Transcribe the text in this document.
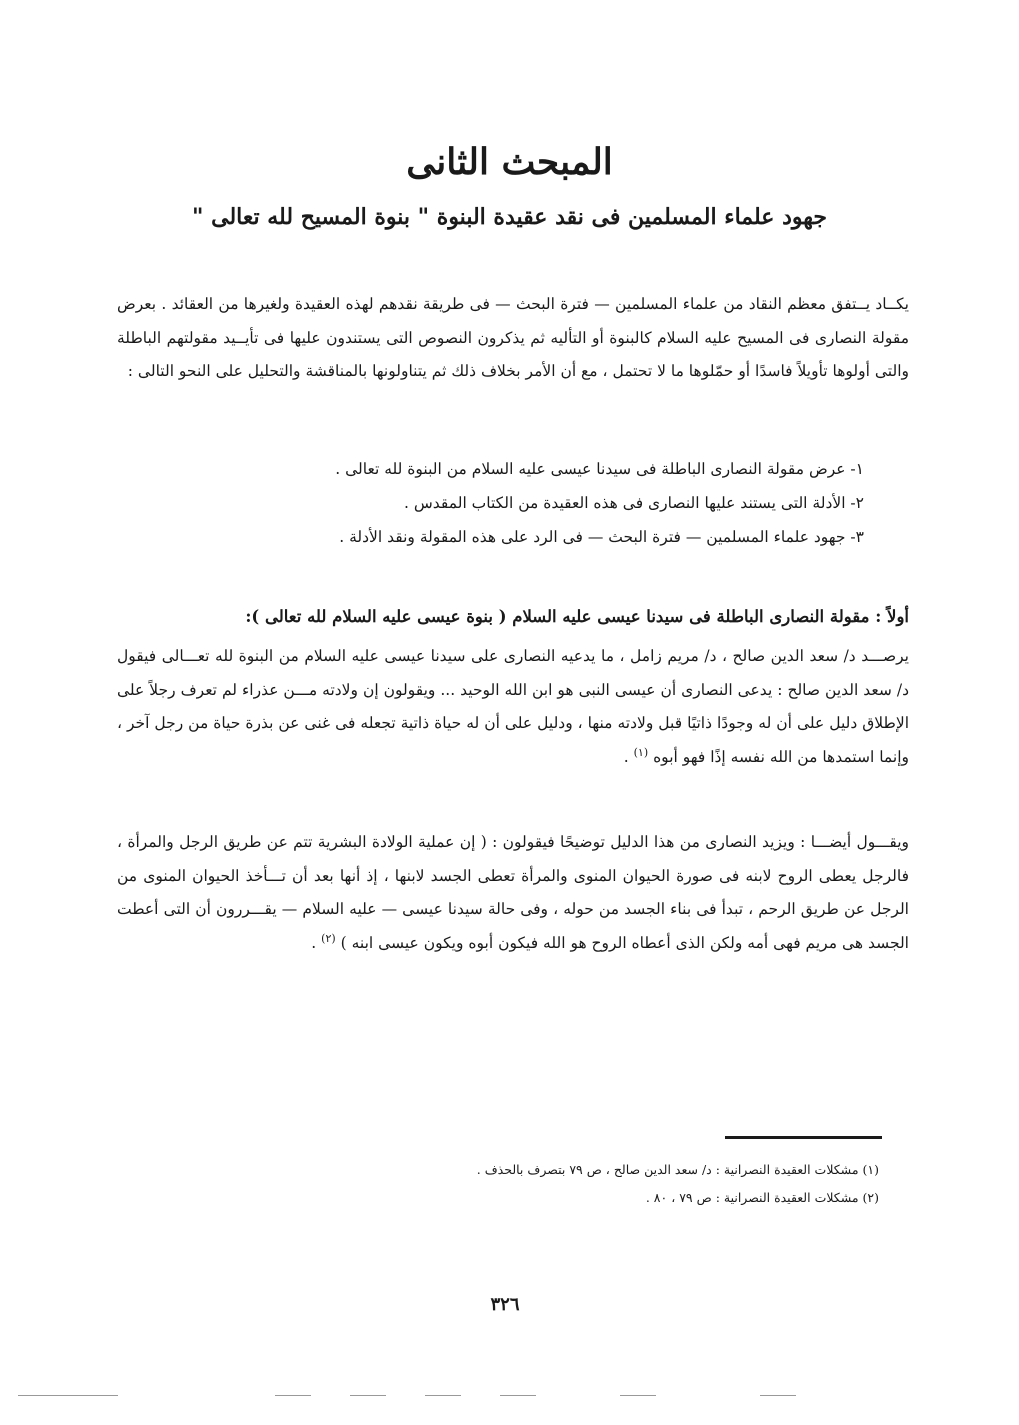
المبحث الثانى
جهود علماء المسلمين فى نقد عقيدة البنوة " بنوة المسيح لله تعالى "
يكــاد يــتفق معظم النقاد من علماء المسلمين — فترة البحث — فى طريقة نقدهم لهذه العقيدة ولغيرها من العقائد . بعرض مقولة النصارى فى المسيح عليه السلام كالبنوة أو التأليه ثم يذكرون النصوص التى يستندون عليها فى تأيــيد مقولتهم الباطلة والتى أولوها تأويلاً فاسدًا أو حمّلوها ما لا تحتمل ، مع أن الأمر بخلاف ذلك ثم يتناولونها بالمناقشة والتحليل على النحو التالى :
١- عرض مقولة النصارى الباطلة فى سيدنا عيسى عليه السلام من البنوة لله تعالى .
٢- الأدلة التى يستند عليها النصارى فى هذه العقيدة من الكتاب المقدس .
٣- جهود علماء المسلمين — فترة البحث — فى الرد على هذه المقولة ونقد الأدلة .
أولاً : مقولة النصارى الباطلة فى سيدنا عيسى عليه السلام ( بنوة عيسى عليه السلام لله تعالى ):
يرصـــد د/ سعد الدين صالح ، د/ مريم زامل ، ما يدعيه النصارى على سيدنا عيسى عليه السلام من البنوة لله تعـــالى فيقول د/ سعد الدين صالح : يدعى النصارى أن عيسى النبى هو ابن الله الوحيد ... ويقولون إن ولادته مـــن عذراء لم تعرف رجلاً على الإطلاق دليل على أن له وجودًا ذاتيًا قبل ولادته منها ، ودليل على أن له حياة ذاتية تجعله فى غنى عن بذرة حياة من رجل آخر ، وإنما استمدها من الله نفسه إذًا فهو أبوه $^{(١)}$ .
ويقـــول أيضـــا : ويزيد النصارى من هذا الدليل توضيحًا فيقولون : ( إن عملية الولادة البشرية تتم عن طريق الرجل والمرأة ، فالرجل يعطى الروح لابنه فى صورة الحيوان المنوى والمرأة تعطى الجسد لابنها ، إذ أنها بعد أن تـــأخذ الحيوان المنوى من الرجل عن طريق الرحم ، تبدأ فى بناء الجسد من حوله ، وفى حالة سيدنا عيسى — عليه السلام — يقـــررون أن التى أعطت الجسد هى مريم فهى أمه ولكن الذى أعطاه الروح هو الله فيكون أبوه ويكون عيسى ابنه ) $^{(٢)}$ .
(١) مشكلات العقيدة النصرانية : د/ سعد الدين صالح ، ص ٧٩ بتصرف بالحذف .
(٢) مشكلات العقيدة النصرانية : ص ٧٩ ، ٨٠ .
٣٢٦
